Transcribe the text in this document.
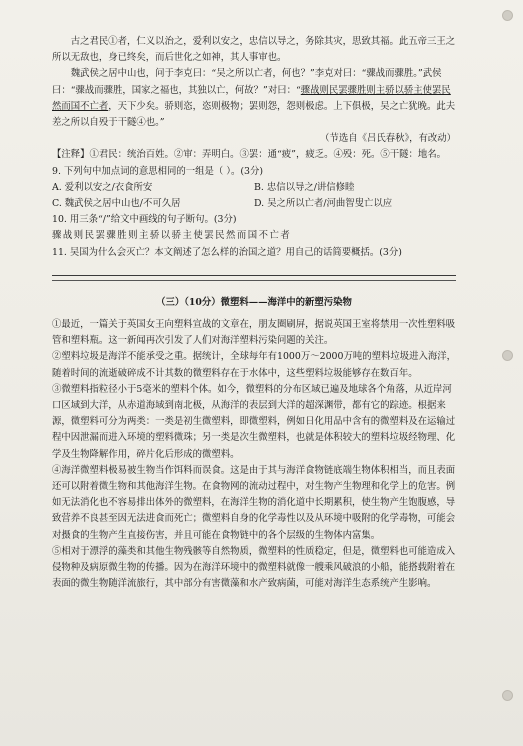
古之君民①者，仁义以治之，爱利以安之，忠信以导之，务除其灾，思致其福。此五帝三王之所以无敌也，身已终矣，而后世化之如神，其人事审也。

魏武侯之居中山也，问于李克曰：“吴之所以亡者，何也？”李克对曰：“骤战而骤胜。”武侯曰：“骤战而骤胜，国家之福也，其独以亡，何故？”对曰：“骤战则民罢骤胜则主骄以骄主使罢民然而国不亡者，天下少矣。骄则恣，恣则极物；罢则怨，怨则极虑。上下俱极，吴之亡犹晚。此夫差之所以自殁于干隧④也。”

（节选自《吕氏春秋》，有改动）

【注释】①君民：统治百姓。②审：弄明白。③罢：通“疲”，疲乏。④殁：死。⑤干隧：地名。

9. 下列句中加点词的意思相同的一组是（ ）。(3分)

A. 爱利以安之/衣食所安	B. 忠信以导之/讲信修睦

C. 魏武侯之居中山也/不可久居	D. 吴之所以亡者/河曲智叟亡以应

10. 用三条“/”给文中画线的句子断句。(3分)

骤战则民罢骤胜则主骄以骄主使罢民然而国不亡者

11. 吴国为什么会灭亡？本文阐述了怎么样的治国之道？用自己的话简要概括。(3分)

（三）（10分）微塑料——海洋中的新塑污染物

①最近，一篇关于英国女王向塑料宣战的文章在，朋友圈刷屏，据说英国王室将禁用一次性塑料吸管和塑料瓶。这一新闻再次引发了人们对海洋塑料污染问题的关注。

②塑料垃圾是海洋不能承受之重。据统计，全球每年有1000万～2000万吨的塑料垃圾进入海洋，随着时间的流逝破碎成不计其数的微塑料存在于水体中，这些塑料垃圾能够存在数百年。

③微塑料指粒径小于5毫米的塑料个体。如今，微塑料的分布区域已遍及地球各个角落，从近岸河口区域到大洋，从赤道海域到南北极，从海洋的表层到大洋的超深渊带，都有它的踪迹。根据来源，微塑料可分为两类：一类是初生微塑料，即微塑料，例如日化用品中含有的微塑料及在运输过程中因泄漏而进入环境的塑料微珠；另一类是次生微塑料，也就是体积较大的塑料垃圾经物理、化学及生物降解作用，碎片化后形成的微塑料。

④海洋微塑料极易被生物当作饵料而误食。这是由于其与海洋食物链底端生物体积相当，而且表面还可以附着微生物和其他海洋生物。在食物网的流动过程中，对生物产生物理和化学上的危害。例如无法消化也不容易排出体外的微塑料，在海洋生物的消化道中长期累积，使生物产生饱腹感，导致营养不良甚至因无法进食而死亡；微塑料自身的化学毒性以及从环境中吸附的化学毒物，可能会对摄食的生物产生直接伤害，并且可能在食物链中的各个层级的生物体内富集。

⑤相对于漂浮的藻类和其他生物残骸等自然物质，微塑料的性质稳定，但是，微塑料也可能造成入侵物种及病原微生物的传播。因为在海洋环境中的微塑料就像一艘乘风破浪的小船，能搭载附着在表面的微生物随洋流旅行，其中部分有害微藻和水产致病菌，可能对海洋生态系统产生影响。
